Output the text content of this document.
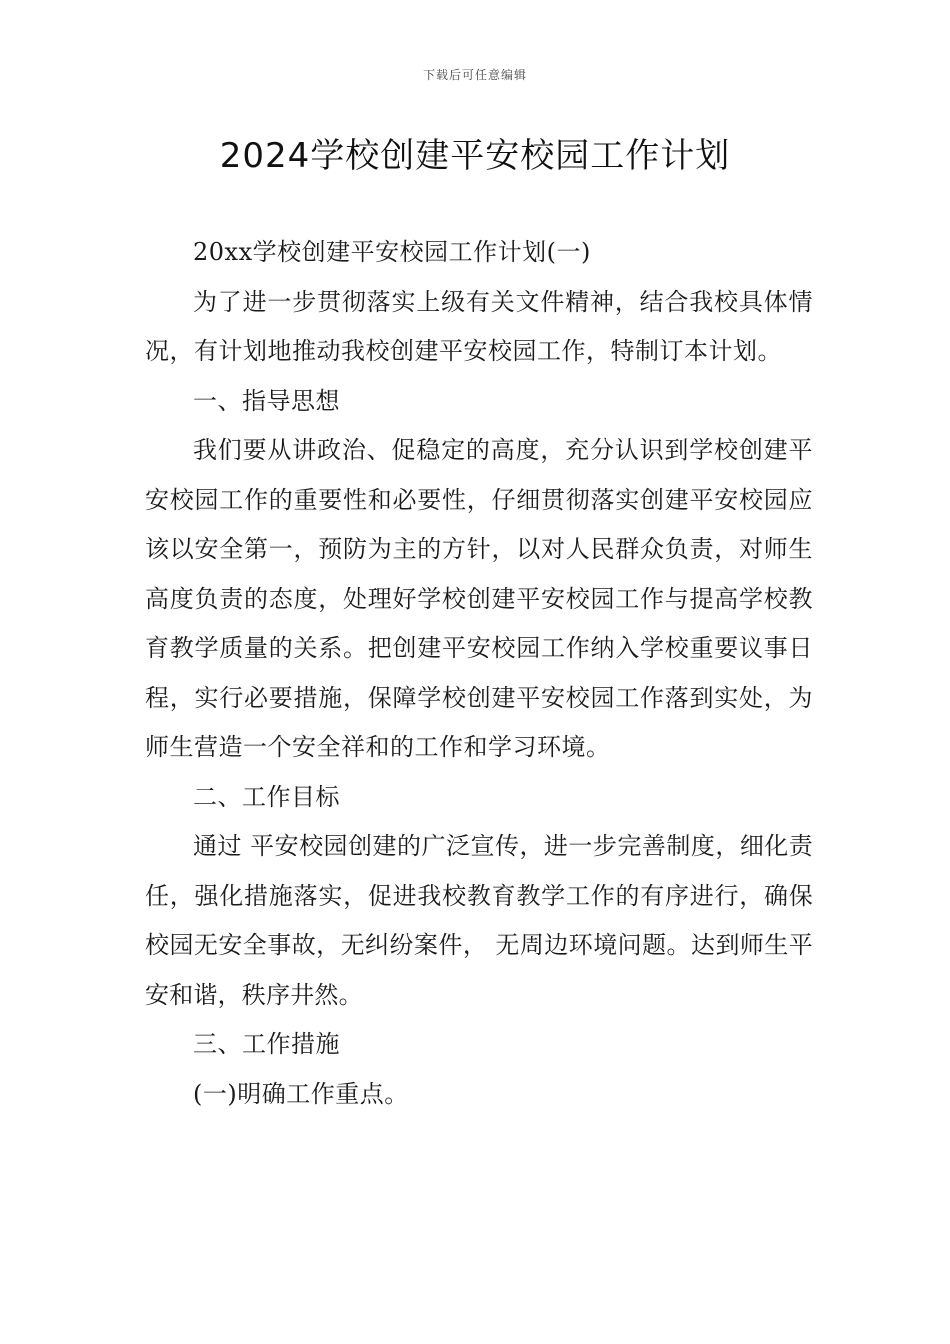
下载后可任意编辑
2024学校创建平安校园工作计划

20xx学校创建平安校园工作计划(一)

为了进一步贯彻落实上级有关文件精神，结合我校具体情况，有计划地推动我校创建平安校园工作，特制订本计划。

一、指导思想

我们要从讲政治、促稳定的高度，充分认识到学校创建平安校园工作的重要性和必要性，仔细贯彻落实创建平安校园应该以安全第一，预防为主的方针，以对人民群众负责，对师生高度负责的态度，处理好学校创建平安校园工作与提高学校教育教学质量的关系。把创建平安校园工作纳入学校重要议事日程，实行必要措施，保障学校创建平安校园工作落到实处，为师生营造一个安全祥和的工作和学习环境。

二、工作目标

通过 平安校园创建的广泛宣传，进一步完善制度，细化责任，强化措施落实，促进我校教育教学工作的有序进行，确保校园无安全事故，无纠纷案件， 无周边环境问题。达到师生平安和谐，秩序井然。

三、工作措施

(一)明确工作重点。
